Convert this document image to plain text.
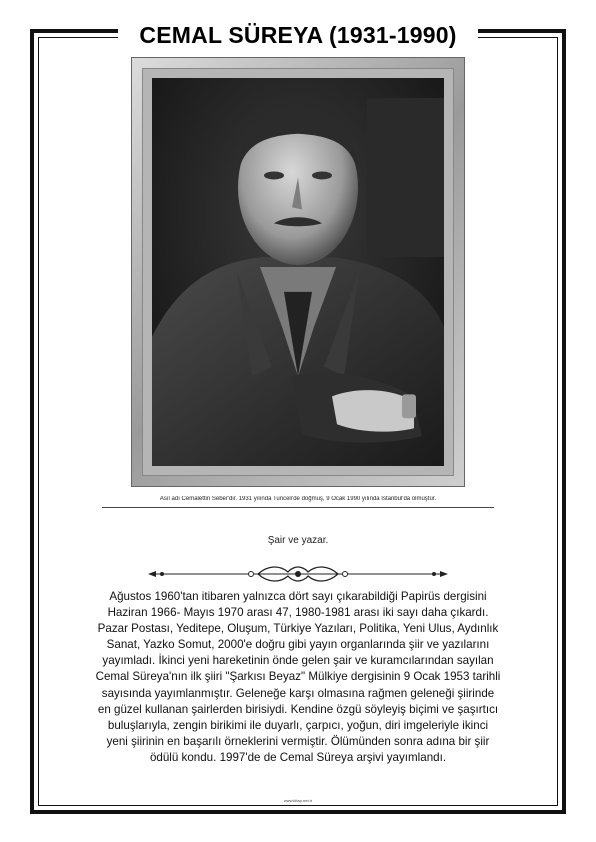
CEMAL SÜREYA (1931-1990)
Asıl adı Cemalettin Seber'dir. 1931 yılında Tunceli'de doğmuş, 9 Ocak 1990 yılında İstanbul'da ölmüştür.
Şair ve yazar.
Ağustos 1960'tan itibaren yalnızca dört sayı çıkarabildiği Papirüs dergisini
Haziran 1966- Mayıs 1970 arası 47, 1980-1981 arası iki sayı daha çıkardı.
Pazar Postası, Yeditepe, Oluşum, Türkiye Yazıları, Politika, Yeni Ulus, Aydınlık
Sanat, Yazko Somut, 2000'e doğru gibi yayın organlarında şiir ve yazılarını
yayımladı. İkinci yeni hareketinin önde gelen şair ve kuramcılarından sayılan
Cemal Süreya'nın ilk şiiri "Şarkısı Beyaz" Mülkiye dergisinin 9 Ocak 1953 tarihli
sayısında yayımlanmıştır. Geleneğe karşı olmasına rağmen geleneği şiirinde
en güzel kullanan şairlerden birisiydi. Kendine özgü söyleyiş biçimi ve şaşırtıcı
buluşlarıyla, zengin birikimi ile duyarlı, çarpıcı, yoğun, diri imgeleriyle ikinci
yeni şiirinin en başarılı örneklerini vermiştir. Ölümünden sonra adına bir şiir
ödülü kondu. 1997'de de Cemal Süreya arşivi yayımlandı.
www.kitap.net.tr
